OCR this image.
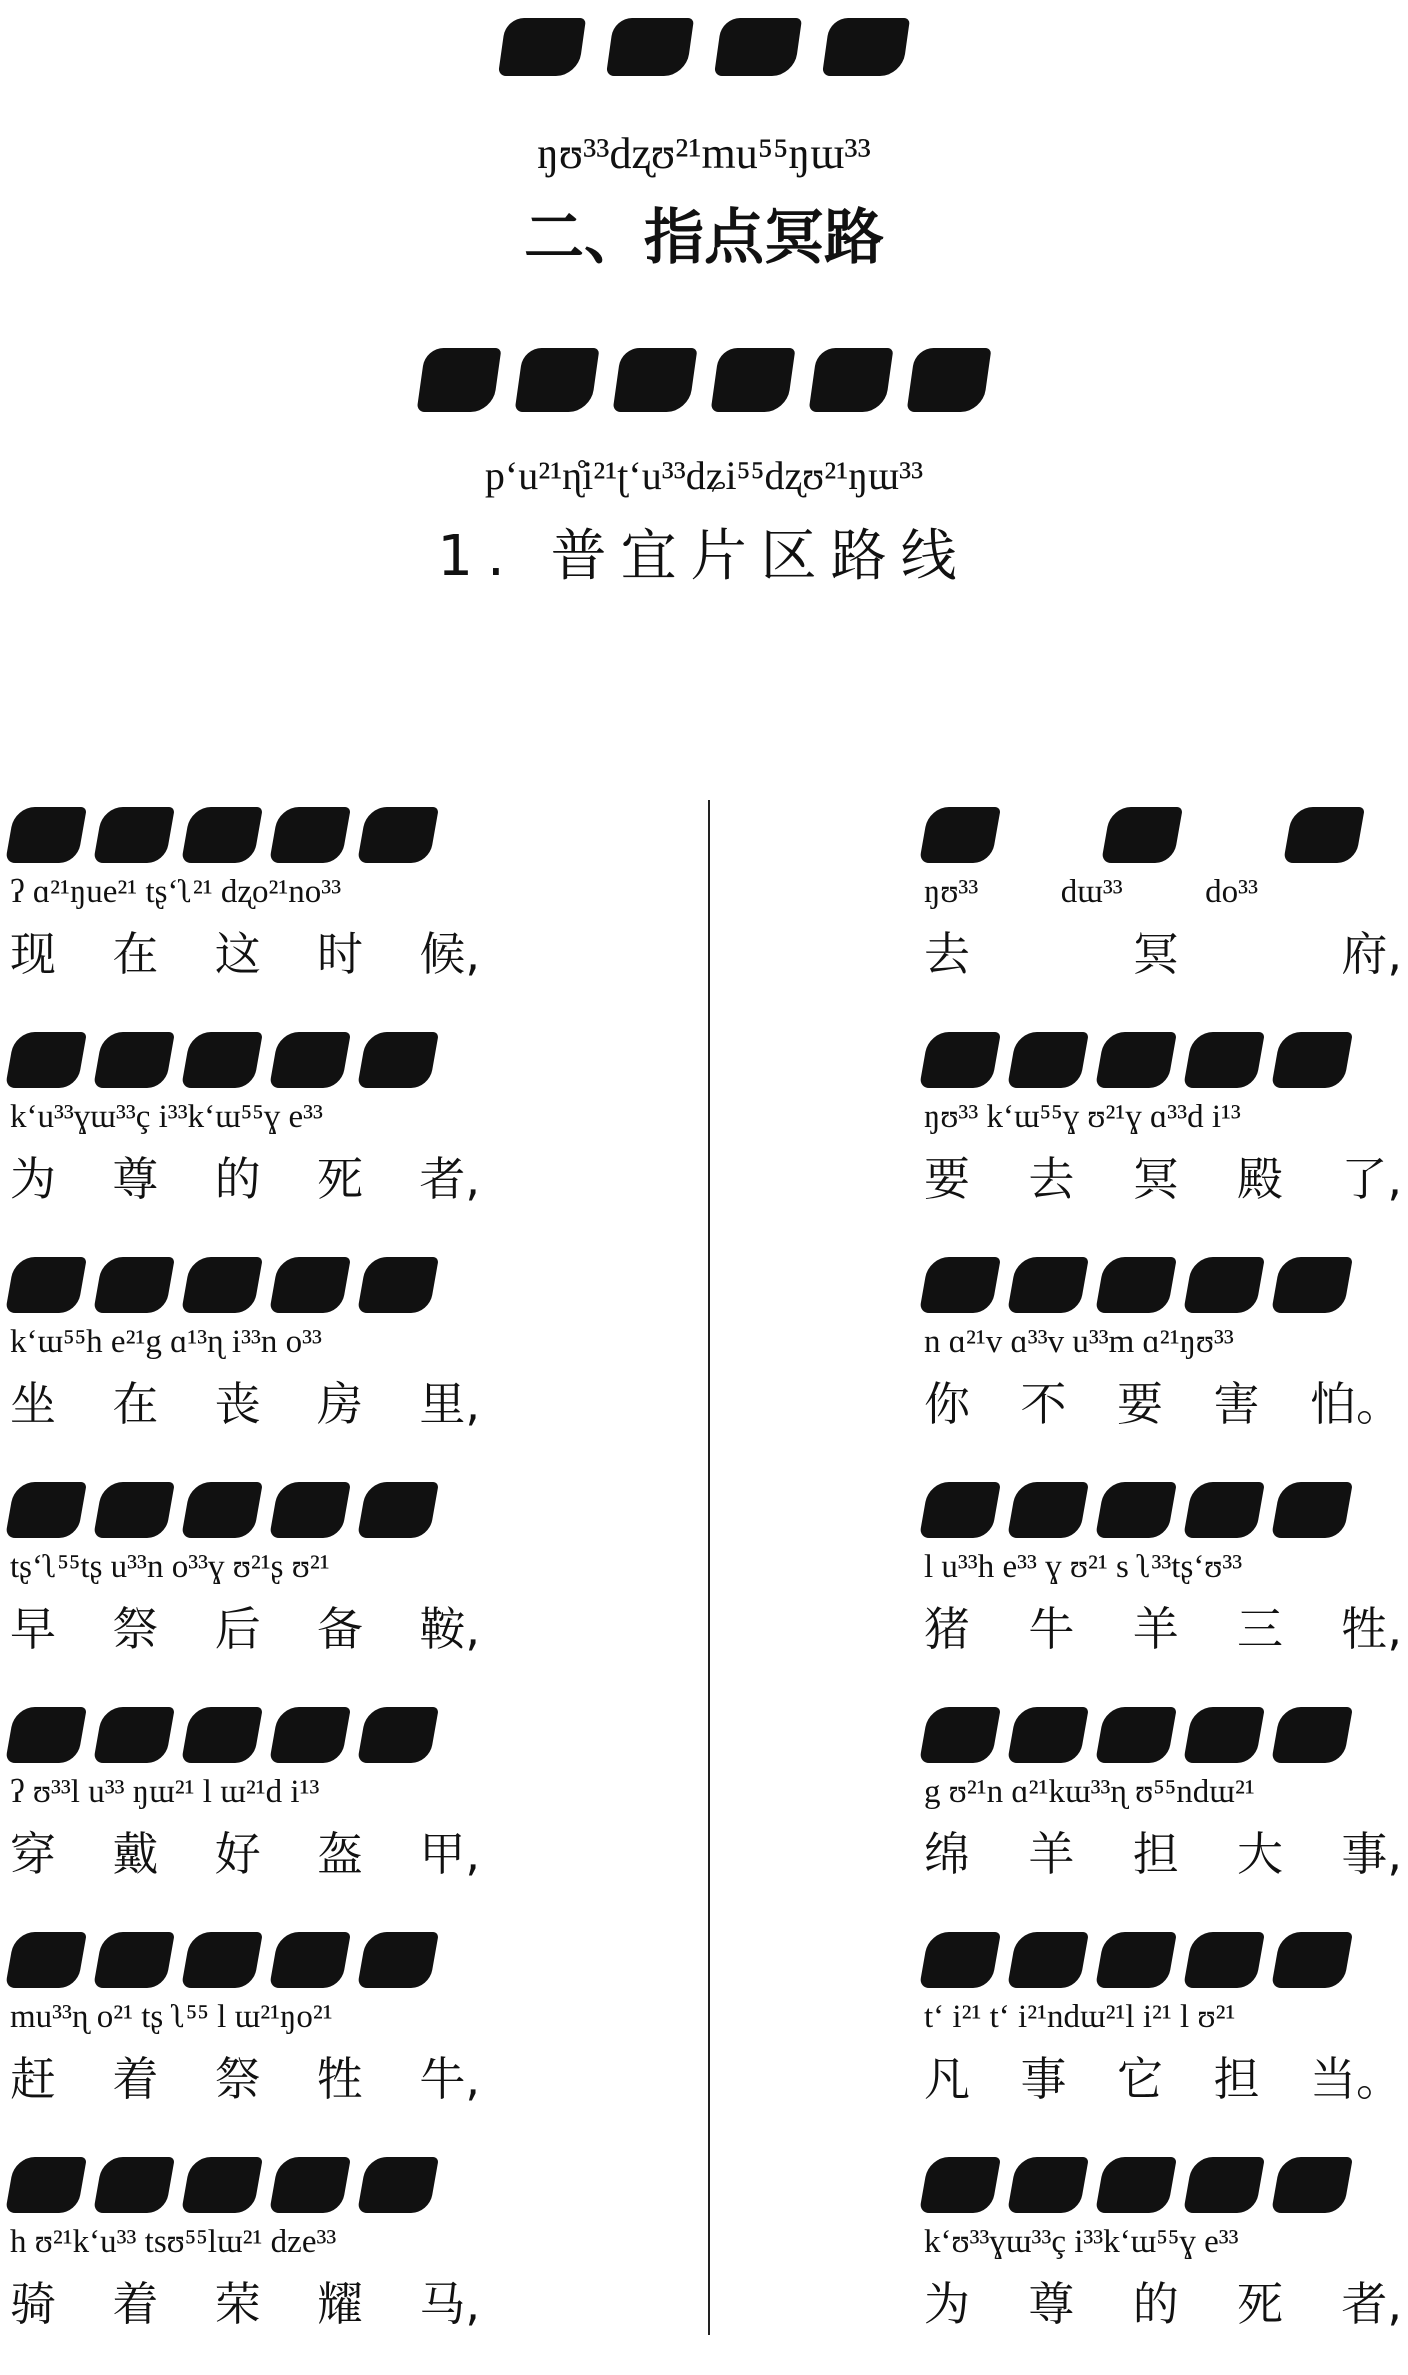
ŋʊ³³dʐʊ²¹mu⁵⁵ŋɯ³³
二、指点冥路
p‘u²¹ɳ̊i²¹ʈ‘u³³dʑi⁵⁵dʐʊ²¹ŋɯ³³
1. 普宜片区路线
ʔ ɑ²¹ŋue²¹ tʂ‘ʅ²¹ dʐo²¹no³³
现 在 这 时 候,
k‘u³³ɣɯ³³ç i³³k‘ɯ⁵⁵ɣ e³³
为 尊 的 死 者,
k‘ɯ⁵⁵h e²¹g ɑ¹³ɳ i³³n o³³
坐 在 丧 房 里,
tʂ‘ʅ⁵⁵tʂ u³³n o³³ɣ ʊ²¹ʂ ʊ²¹
早 祭 后 备 鞍,
ʔ ʊ³³l u³³ ŋɯ²¹ l ɯ²¹d i¹³
穿 戴 好 盔 甲,
mu³³ɳ o²¹ tʂ ʅ⁵⁵ l ɯ²¹ŋo²¹
赶 着 祭 牲 牛,
h ʊ²¹k‘u³³ tsʊ⁵⁵lɯ²¹ dze³³
骑 着 荣 耀 马,
ŋʊ³³          dɯ³³          do³³
去	冥	府,
ŋʊ³³ k‘ɯ⁵⁵ɣ ʊ²¹ɣ ɑ³³d i¹³
要 去 冥 殿 了,
n ɑ²¹v ɑ³³v u³³m ɑ²¹ŋʊ³³
你 不 要 害 怕。
l u³³h e³³ ɣ ʊ²¹ s ʅ³³tʂ‘ʊ³³
猪 牛 羊 三 牲,
g ʊ²¹n ɑ²¹kɯ³³ɳ ʊ⁵⁵ndɯ²¹
绵 羊 担 大 事,
t‘ i²¹ t‘ i²¹ndɯ²¹l i²¹ l ʊ²¹
凡 事 它 担 当。
k‘ʊ³³ɣɯ³³ç i³³k‘ɯ⁵⁵ɣ e³³
为 尊 的 死 者,
